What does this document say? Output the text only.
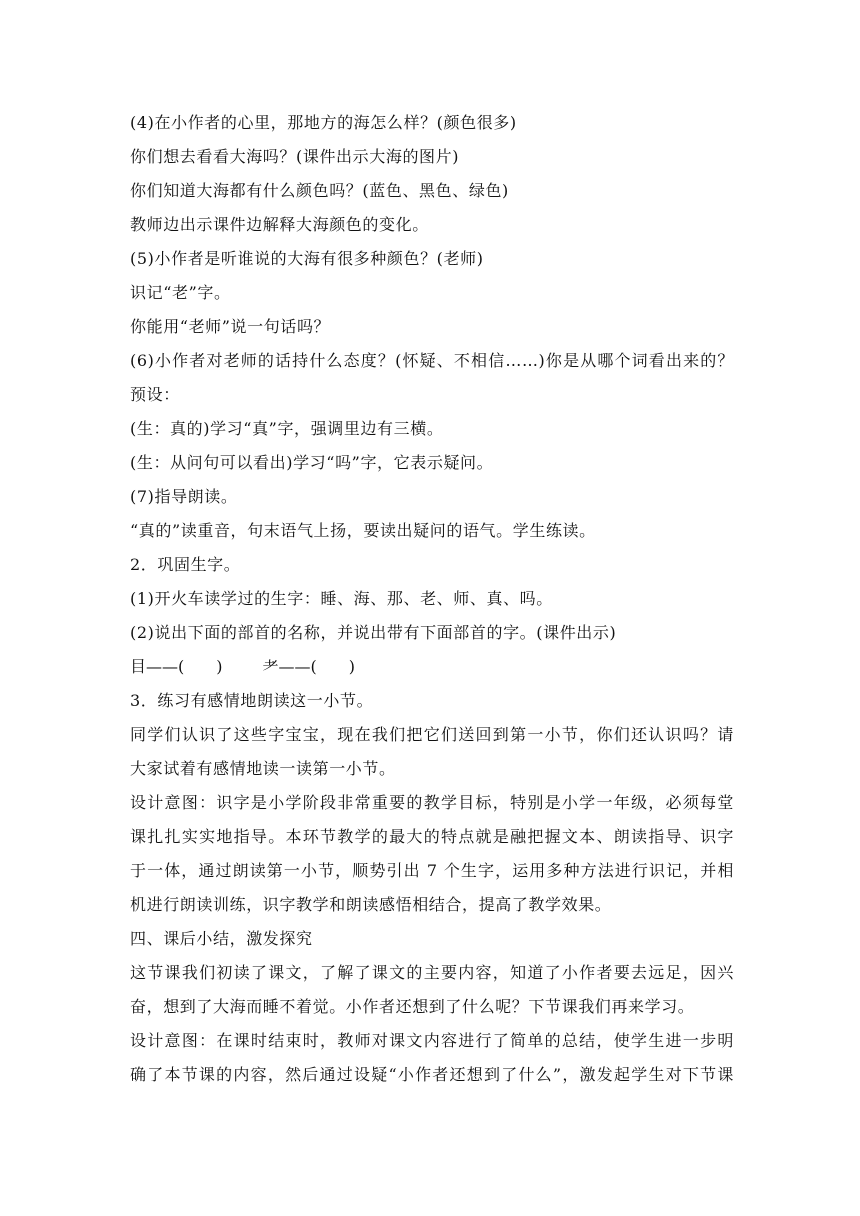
(4)在小作者的心里，那地方的海怎么样？(颜色很多)
你们想去看看大海吗？(课件出示大海的图片)
你们知道大海都有什么颜色吗？(蓝色、黑色、绿色)
教师边出示课件边解释大海颜色的变化。
(5)小作者是听谁说的大海有很多种颜色？(老师)
识记“老”字。
你能用“老师”说一句话吗？
(6)小作者对老师的话持什么态度？(怀疑、不相信……)你是从哪个词看出来的？
预设：
(生：真的)学习“真”字，强调里边有三横。
(生：从问句可以看出)学习“吗”字，它表示疑问。
(7)指导朗读。
“真的”读重音，句末语气上扬，要读出疑问的语气。学生练读。
2．巩固生字。
(1)开火车读学过的生字：睡、海、那、老、师、真、吗。
(2)说出下面的部首的名称，并说出带有下面部首的字。(课件出示)
目——(　　)	耂——(　　)
3．练习有感情地朗读这一小节。
同学们认识了这些字宝宝，现在我们把它们送回到第一小节，你们还认识吗？请
大家试着有感情地读一读第一小节。
设计意图：识字是小学阶段非常重要的教学目标，特别是小学一年级，必须每堂
课扎扎实实地指导。本环节教学的最大的特点就是融把握文本、朗读指导、识字
于一体，通过朗读第一小节，顺势引出 7 个生字，运用多种方法进行识记，并相
机进行朗读训练，识字教学和朗读感悟相结合，提高了教学效果。
四、课后小结，激发探究
这节课我们初读了课文，了解了课文的主要内容，知道了小作者要去远足，因兴
奋，想到了大海而睡不着觉。小作者还想到了什么呢？下节课我们再来学习。
设计意图：在课时结束时，教师对课文内容进行了简单的总结，使学生进一步明
确了本节课的内容，然后通过设疑“小作者还想到了什么”，激发起学生对下节课
